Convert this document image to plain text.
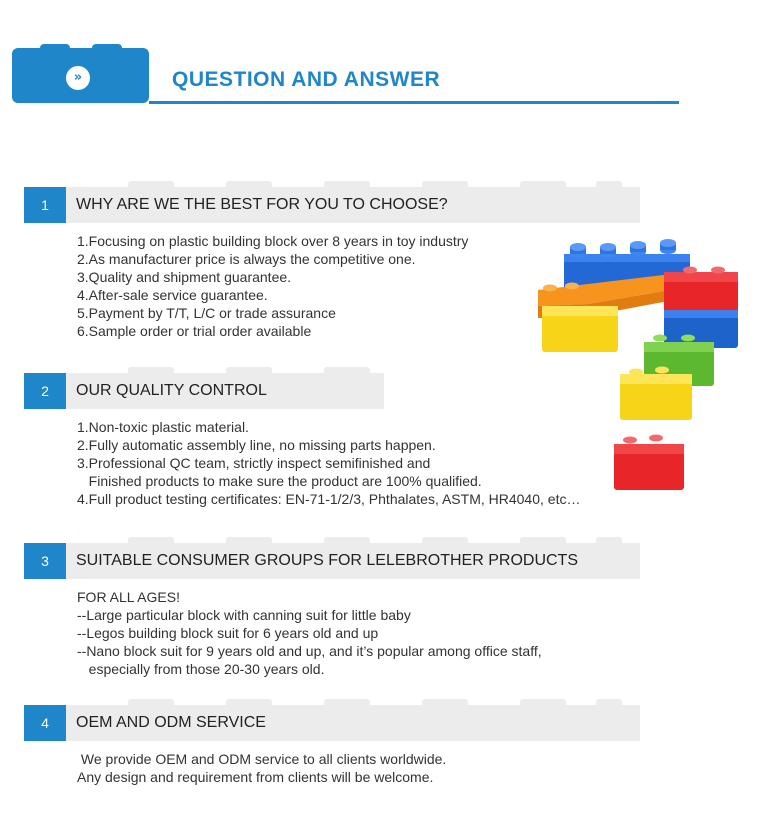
»	QUESTION AND ANSWER
1	WHY ARE WE THE BEST FOR YOU TO CHOOSE?
1.Focusing on plastic building block over 8 years in toy industry
2.As manufacturer price is always the competitive one.
3.Quality and shipment guarantee.
4.After-sale service guarantee.
5.Payment by T/T, L/C or trade assurance
6.Sample order or trial order available
2	OUR QUALITY CONTROL
1.Non-toxic plastic material.
2.Fully automatic assembly line, no missing parts happen.
3.Professional QC team, strictly inspect semifinished and
Finished products to make sure the product are 100% qualified.
4.Full product testing certificates: EN-71-1/2/3, Phthalates, ASTM, HR4040, etc…
3	SUITABLE CONSUMER GROUPS FOR LELEBROTHER PRODUCTS
FOR ALL AGES!
--Large particular block with canning suit for little baby
--Legos building block suit for 6 years old and up
--Nano block suit for 9 years old and up, and it’s popular among office staff,
especially from those 20-30 years old.
4	OEM AND ODM SERVICE
We provide OEM and ODM service to all clients worldwide.
Any design and requirement from clients will be welcome.
